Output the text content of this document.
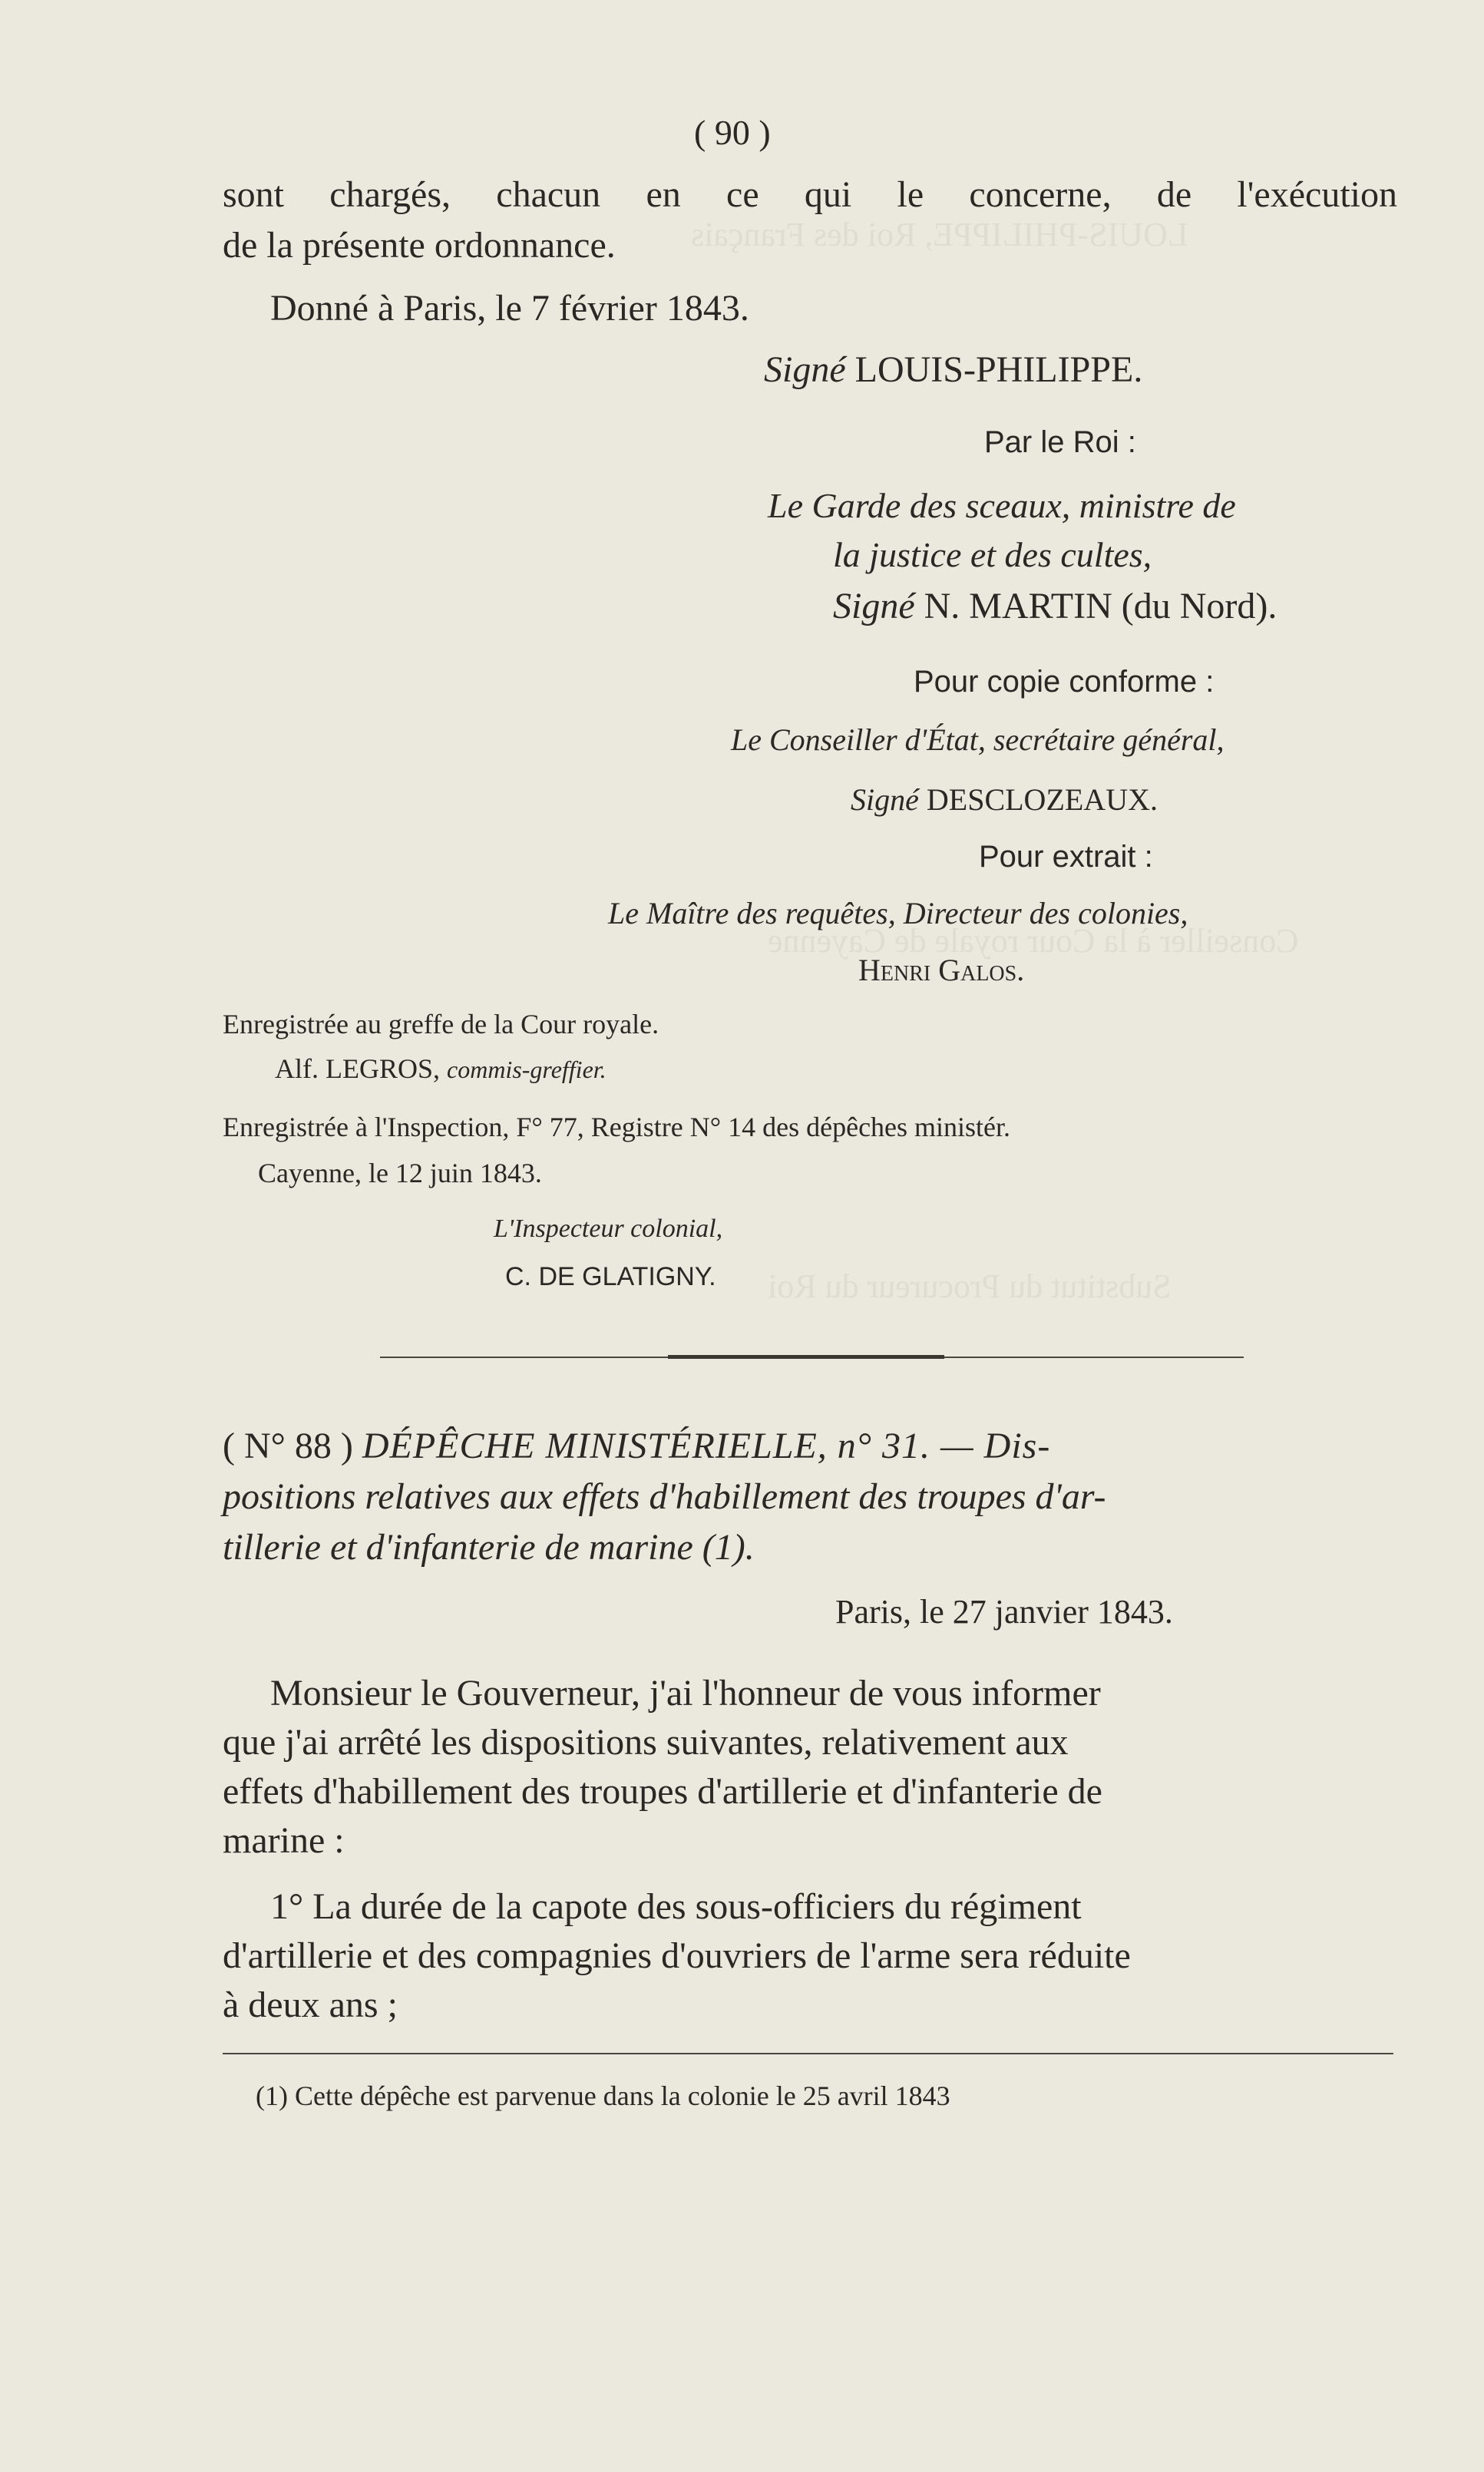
LOUIS-PHILIPPE, Roi des Français
Conseiller à la Cour royale de Cayenne
Substitut du Procureur du Roi
( 90 )
sont chargés, chacun en ce qui le concerne, de l'exécution
de la présente ordonnance.
Donné à Paris, le 7 février 1843.
Signé LOUIS-PHILIPPE.
Par le Roi :
Le Garde des sceaux, ministre de
la justice et des cultes,
Signé N. MARTIN (du Nord).
Pour copie conforme :
Le Conseiller d'État, secrétaire général,
Signé DESCLOZEAUX.
Pour extrait :
Le Maître des requêtes, Directeur des colonies,
Henri Galos.
Enregistrée au greffe de la Cour royale.
Alf. LEGROS, commis-greffier.
Enregistrée à l'Inspection, F° 77, Registre N° 14 des dépêches ministér.
Cayenne, le 12 juin 1843.
L'Inspecteur colonial,
C. DE GLATIGNY.
( N° 88 ) DÉPÊCHE MINISTÉRIELLE, n° 31. — Dis-
positions relatives aux effets d'habillement des troupes d'ar-
tillerie et d'infanterie de marine (1).
Paris, le 27 janvier 1843.
Monsieur le Gouverneur, j'ai l'honneur de vous informer
que j'ai arrêté les dispositions suivantes, relativement aux
effets d'habillement des troupes d'artillerie et d'infanterie de
marine :
1° La durée de la capote des sous-officiers du régiment
d'artillerie et des compagnies d'ouvriers de l'arme sera réduite
à deux ans ;
(1) Cette dépêche est parvenue dans la colonie le 25 avril 1843
